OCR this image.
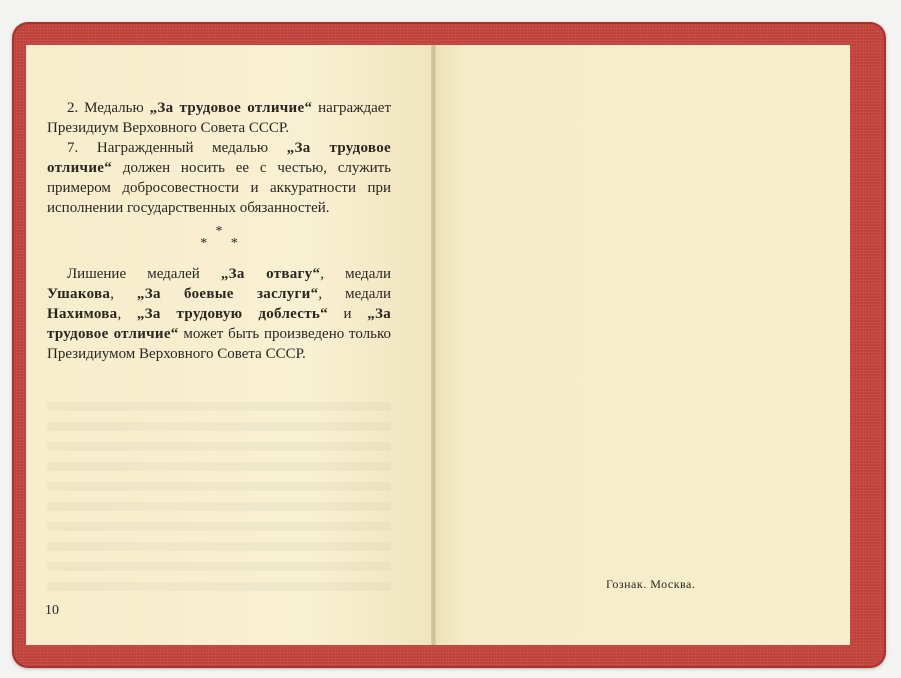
2. Медалью „За трудовое отличие“ награждает Президиум Верховного Совета СССР.

7. Награжденный медалью „За трудовое отличие“ должен носить ее с честью, служить примером добросовестности и аккуратности при исполнении государственных обязанностей.

*
* *

Лишение медалей „За отвагу“, медали Ушакова, „За боевые заслуги“, медали Нахимова, „За трудовую доблесть“ и „За трудовое отличие“ может быть произведено только Президиумом Верховного Совета СССР.

10
Гознак. Москва.
